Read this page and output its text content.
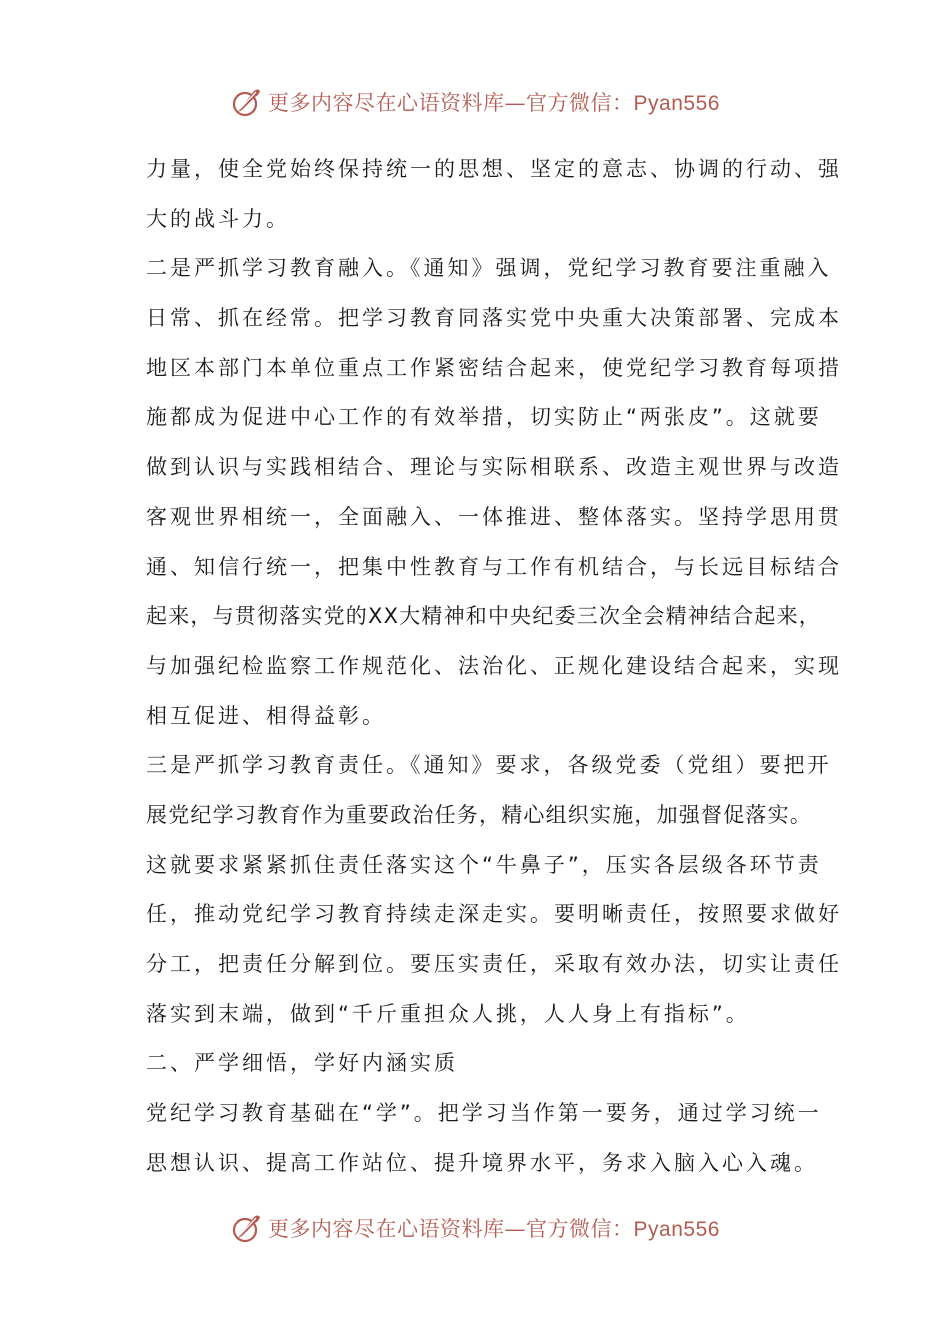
更多内容尽在心语资料库—官方微信：Pyan556
力量，使全党始终保持统一的思想、坚定的意志、协调的行动、强
大的战斗力。
二是严抓学习教育融入。《通知》强调，党纪学习教育要注重融入
日常、抓在经常。把学习教育同落实党中央重大决策部署、完成本
地区本部门本单位重点工作紧密结合起来，使党纪学习教育每项措
施都成为促进中心工作的有效举措，切实防止“两张皮”。这就要
做到认识与实践相结合、理论与实际相联系、改造主观世界与改造
客观世界相统一，全面融入、一体推进、整体落实。坚持学思用贯
通、知信行统一，把集中性教育与工作有机结合，与长远目标结合
起来，与贯彻落实党的XX大精神和中央纪委三次全会精神结合起来，
与加强纪检监察工作规范化、法治化、正规化建设结合起来，实现
相互促进、相得益彰。
三是严抓学习教育责任。《通知》要求，各级党委（党组）要把开
展党纪学习教育作为重要政治任务，精心组织实施，加强督促落实。
这就要求紧紧抓住责任落实这个“牛鼻子”，压实各层级各环节责
任，推动党纪学习教育持续走深走实。要明晰责任，按照要求做好
分工，把责任分解到位。要压实责任，采取有效办法，切实让责任
落实到末端，做到“千斤重担众人挑，人人身上有指标”。
二、严学细悟，学好内涵实质
党纪学习教育基础在“学”。把学习当作第一要务，通过学习统一
思想认识、提高工作站位、提升境界水平，务求入脑入心入魂。
更多内容尽在心语资料库—官方微信：Pyan556
